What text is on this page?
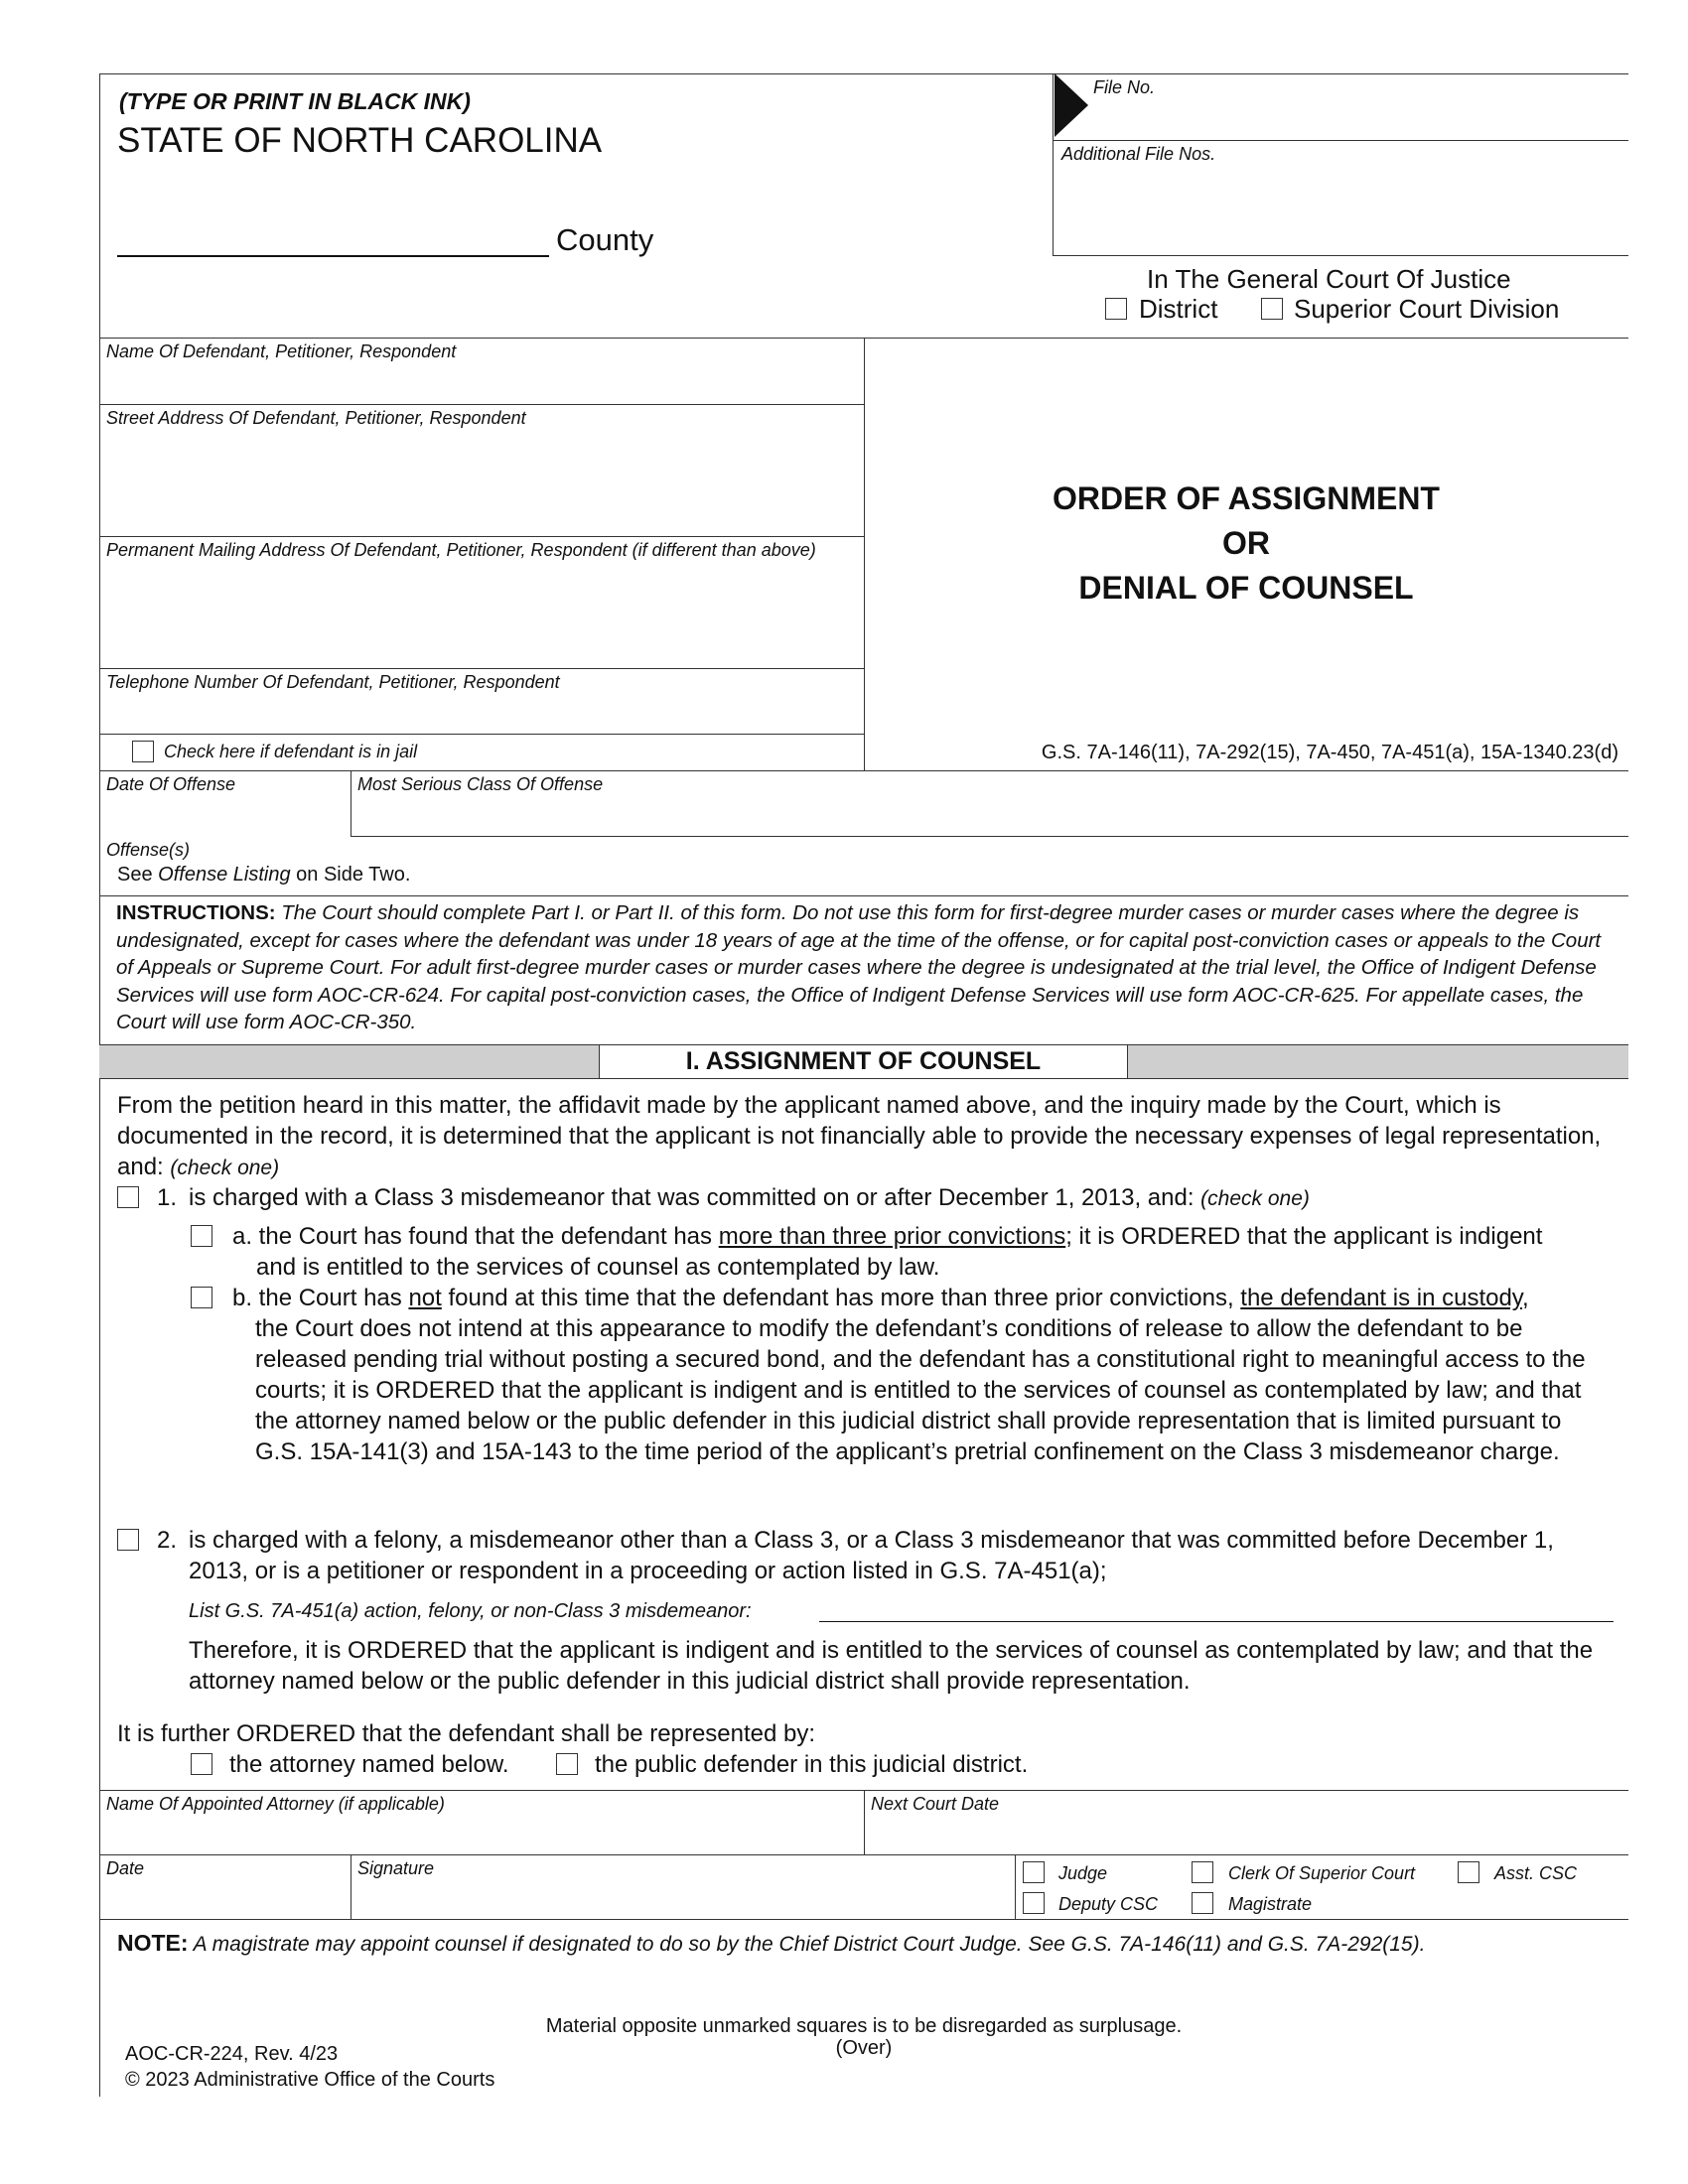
(TYPE OR PRINT IN BLACK INK)
STATE OF NORTH CAROLINA
County
File No.
Additional File Nos.
In The General Court Of Justice
District	Superior Court Division
Name Of Defendant, Petitioner, Respondent
Street Address Of Defendant, Petitioner, Respondent
Permanent Mailing Address Of Defendant, Petitioner, Respondent (if different than above)
Telephone Number Of Defendant, Petitioner, Respondent
Check here if defendant is in jail
ORDER OF ASSIGNMENT
OR
DENIAL OF COUNSEL
G.S. 7A-146(11), 7A-292(15), 7A-450, 7A-451(a), 15A-1340.23(d)
Date Of Offense	Most Serious Class Of Offense
Offense(s)
See Offense Listing on Side Two.
INSTRUCTIONS: The Court should complete Part I. or Part II. of this form. Do not use this form for first-degree murder cases or murder cases where the degree is undesignated, except for cases where the defendant was under 18 years of age at the time of the offense, or for capital post-conviction cases or appeals to the Court of Appeals or Supreme Court. For adult first-degree murder cases or murder cases where the degree is undesignated at the trial level, the Office of Indigent Defense Services will use form AOC-CR-624. For capital post-conviction cases, the Office of Indigent Defense Services will use form AOC-CR-625. For appellate cases, the Court will use form AOC-CR-350.
I. ASSIGNMENT OF COUNSEL
From the petition heard in this matter, the affidavit made by the applicant named above, and the inquiry made by the Court, which is documented in the record, it is determined that the applicant is not financially able to provide the necessary expenses of legal representation, and: (check one)
1. is charged with a Class 3 misdemeanor that was committed on or after December 1, 2013, and: (check one)
a. the Court has found that the defendant has more than three prior convictions; it is ORDERED that the applicant is indigent
and is entitled to the services of counsel as contemplated by law.
b. the Court has not found at this time that the defendant has more than three prior convictions, the defendant is in custody,
the Court does not intend at this appearance to modify the defendant’s conditions of release to allow the defendant to be released pending trial without posting a secured bond, and the defendant has a constitutional right to meaningful access to the courts; it is ORDERED that the applicant is indigent and is entitled to the services of counsel as contemplated by law; and that the attorney named below or the public defender in this judicial district shall provide representation that is limited pursuant to G.S. 15A-141(3) and 15A-143 to the time period of the applicant’s pretrial confinement on the Class 3 misdemeanor charge.
2. is charged with a felony, a misdemeanor other than a Class 3, or a Class 3 misdemeanor that was committed before December 1, 2013, or is a petitioner or respondent in a proceeding or action listed in G.S. 7A-451(a);
List G.S. 7A-451(a) action, felony, or non-Class 3 misdemeanor:
Therefore, it is ORDERED that the applicant is indigent and is entitled to the services of counsel as contemplated by law; and that the attorney named below or the public defender in this judicial district shall provide representation.
It is further ORDERED that the defendant shall be represented by:
the attorney named below.	the public defender in this judicial district.
Name Of Appointed Attorney (if applicable)	Next Court Date
Date	Signature	Judge	Clerk Of Superior Court	Asst. CSC
Deputy CSC	Magistrate
NOTE: A magistrate may appoint counsel if designated to do so by the Chief District Court Judge. See G.S. 7A-146(11) and G.S. 7A-292(15).
Material opposite unmarked squares is to be disregarded as surplusage.
(Over)
AOC-CR-224, Rev. 4/23
© 2023 Administrative Office of the Courts
